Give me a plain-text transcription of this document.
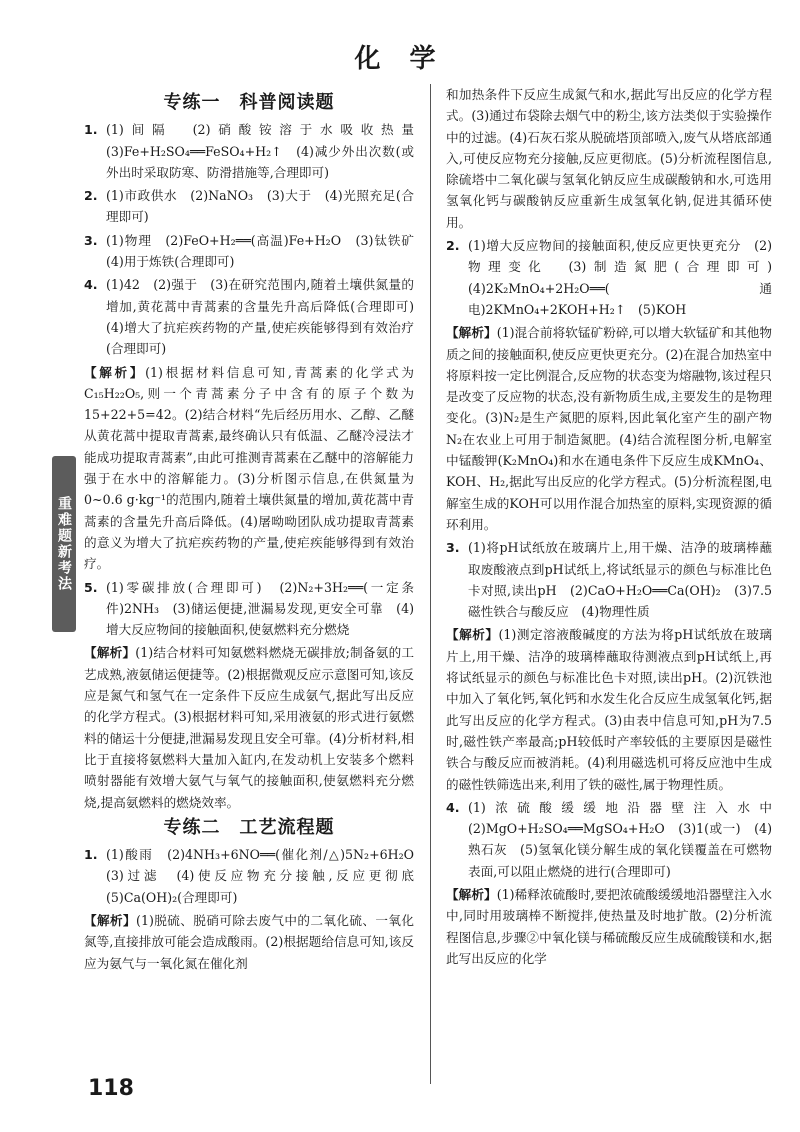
化 学
专练一　科普阅读题
1. (1)间隔　(2)硝酸铵溶于水吸收热量　(3)Fe+H₂SO₄══FeSO₄+H₂↑　(4)减少外出次数(或外出时采取防寒、防滑措施等,合理即可)
2. (1)市政供水　(2)NaNO₃　(3)大于　(4)光照充足(合理即可)
3. (1)物理　(2)FeO+H₂══(高温)Fe+H₂O　(3)钛铁矿　(4)用于炼铁(合理即可)
4. (1)42　(2)强于　(3)在研究范围内,随着土壤供氮量的增加,黄花蒿中青蒿素的含量先升高后降低(合理即可)　(4)增大了抗疟疾药物的产量,使疟疾能够得到有效治疗(合理即可)
【解析】(1)根据材料信息可知,青蒿素的化学式为C₁₅H₂₂O₅,则一个青蒿素分子中含有的原子个数为15+22+5=42。(2)结合材料“先后经历用水、乙醇、乙醚从黄花蒿中提取青蒿素,最终确认只有低温、乙醚冷浸法才能成功提取青蒿素”,由此可推测青蒿素在乙醚中的溶解能力强于在水中的溶解能力。(3)分析图示信息,在供氮量为0~0.6 g·kg⁻¹的范围内,随着土壤供氮量的增加,黄花蒿中青蒿素的含量先升高后降低。(4)屠呦呦团队成功提取青蒿素的意义为增大了抗疟疾药物的产量,使疟疾能够得到有效治疗。
5. (1)零碳排放(合理即可)　(2)N₂+3H₂══(一定条件)2NH₃　(3)储运便捷,泄漏易发现,更安全可靠　(4)增大反应物间的接触面积,使氨燃料充分燃烧
【解析】(1)结合材料可知氨燃料燃烧无碳排放;制备氨的工艺成熟,液氨储运便捷等。(2)根据微观反应示意图可知,该反应是氮气和氢气在一定条件下反应生成氨气,据此写出反应的化学方程式。(3)根据材料可知,采用液氨的形式进行氨燃料的储运十分便捷,泄漏易发现且安全可靠。(4)分析材料,相比于直接将氨燃料大量加入缸内,在发动机上安装多个燃料喷射器能有效增大氨气与氧气的接触面积,使氨燃料充分燃烧,提高氨燃料的燃烧效率。
专练二　工艺流程题
1. (1)酸雨　(2)4NH₃+6NO══(催化剂/△)5N₂+6H₂O　(3)过滤　(4)使反应物充分接触,反应更彻底　(5)Ca(OH)₂(合理即可)
【解析】(1)脱硫、脱硝可除去废气中的二氧化硫、一氧化氮等,直接排放可能会造成酸雨。(2)根据题给信息可知,该反应为氨气与一氧化氮在催化剂
和加热条件下反应生成氮气和水,据此写出反应的化学方程式。(3)通过布袋除去烟气中的粉尘,该方法类似于实验操作中的过滤。(4)石灰石浆从脱硫塔顶部喷入,废气从塔底部通入,可使反应物充分接触,反应更彻底。(5)分析流程图信息,除硫塔中二氧化碳与氢氧化钠反应生成碳酸钠和水,可选用氢氧化钙与碳酸钠反应重新生成氢氧化钠,促进其循环使用。
2. (1)增大反应物间的接触面积,使反应更快更充分　(2)物理变化　(3)制造氮肥(合理即可)　(4)2K₂MnO₄+2H₂O══(通电)2KMnO₄+2KOH+H₂↑　(5)KOH
【解析】(1)混合前将软锰矿粉碎,可以增大软锰矿和其他物质之间的接触面积,使反应更快更充分。(2)在混合加热室中将原料按一定比例混合,反应物的状态变为熔融物,该过程只是改变了反应物的状态,没有新物质生成,主要发生的是物理变化。(3)N₂是生产氮肥的原料,因此氧化室产生的副产物N₂在农业上可用于制造氮肥。(4)结合流程图分析,电解室中锰酸钾(K₂MnO₄)和水在通电条件下反应生成KMnO₄、KOH、H₂,据此写出反应的化学方程式。(5)分析流程图,电解室生成的KOH可以用作混合加热室的原料,实现资源的循环利用。
3. (1)将pH试纸放在玻璃片上,用干燥、洁净的玻璃棒蘸取废酸液点到pH试纸上,将试纸显示的颜色与标准比色卡对照,读出pH　(2)CaO+H₂O══Ca(OH)₂　(3)7.5　磁性铁合与酸反应　(4)物理性质
【解析】(1)测定溶液酸碱度的方法为将pH试纸放在玻璃片上,用干燥、洁净的玻璃棒蘸取待测液点到pH试纸上,再将试纸显示的颜色与标准比色卡对照,读出pH。(2)沉铁池中加入了氧化钙,氧化钙和水发生化合反应生成氢氧化钙,据此写出反应的化学方程式。(3)由表中信息可知,pH为7.5时,磁性铁产率最高;pH较低时产率较低的主要原因是磁性铁合与酸反应而被消耗。(4)利用磁选机可将反应池中生成的磁性铁筛选出来,利用了铁的磁性,属于物理性质。
4. (1)浓硫酸缓缓地沿器壁注入水中　(2)MgO+H₂SO₄══MgSO₄+H₂O　(3)1(或一)　(4)熟石灰　(5)氢氧化镁分解生成的氧化镁覆盖在可燃物表面,可以阻止燃烧的进行(合理即可)
【解析】(1)稀释浓硫酸时,要把浓硫酸缓缓地沿器壁注入水中,同时用玻璃棒不断搅拌,使热量及时地扩散。(2)分析流程图信息,步骤②中氧化镁与稀硫酸反应生成硫酸镁和水,据此写出反应的化学
重难题新考法
118
